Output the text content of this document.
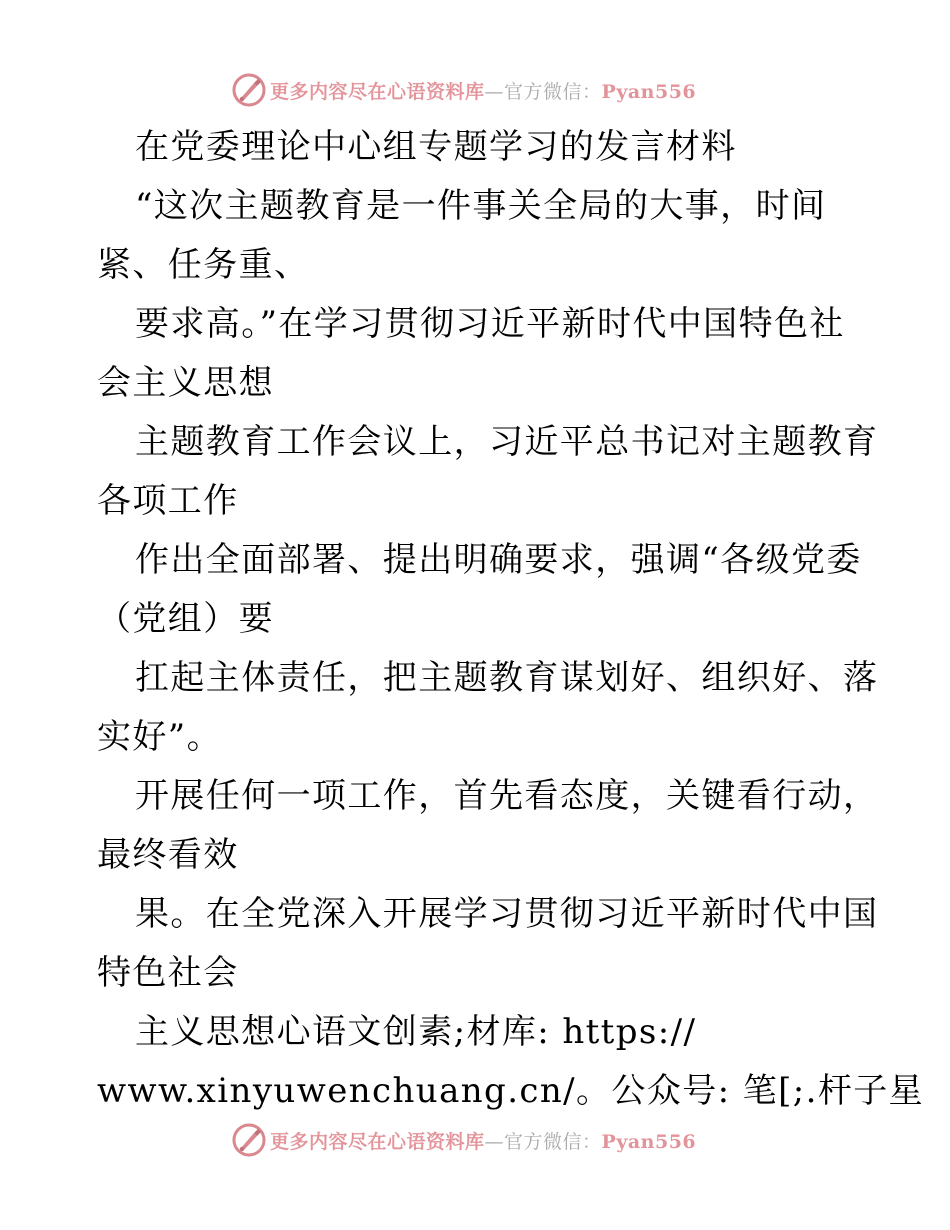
更多内容尽在心语资料库—官方微信：Pyan556
在党委理论中心组专题学习的发言材料
“这次主题教育是一件事关全局的大事，时间
紧、任务重、
要求高。”在学习贯彻习近平新时代中国特色社
会主义思想
主题教育工作会议上，习近平总书记对主题教育
各项工作
作出全面部署、提出明确要求，强调“各级党委
（党组）要
扛起主体责任，把主题教育谋划好、组织好、落
实好”。
开展任何一项工作，首先看态度，关键看行动，
最终看效
果。在全党深入开展学习贯彻习近平新时代中国
特色社会
主义思想心语文创素;材库: https://
www.xinyuwenchuang.cn/。公众号: 笔[;.杆子星
更多内容尽在心语资料库—官方微信：Pyan556
